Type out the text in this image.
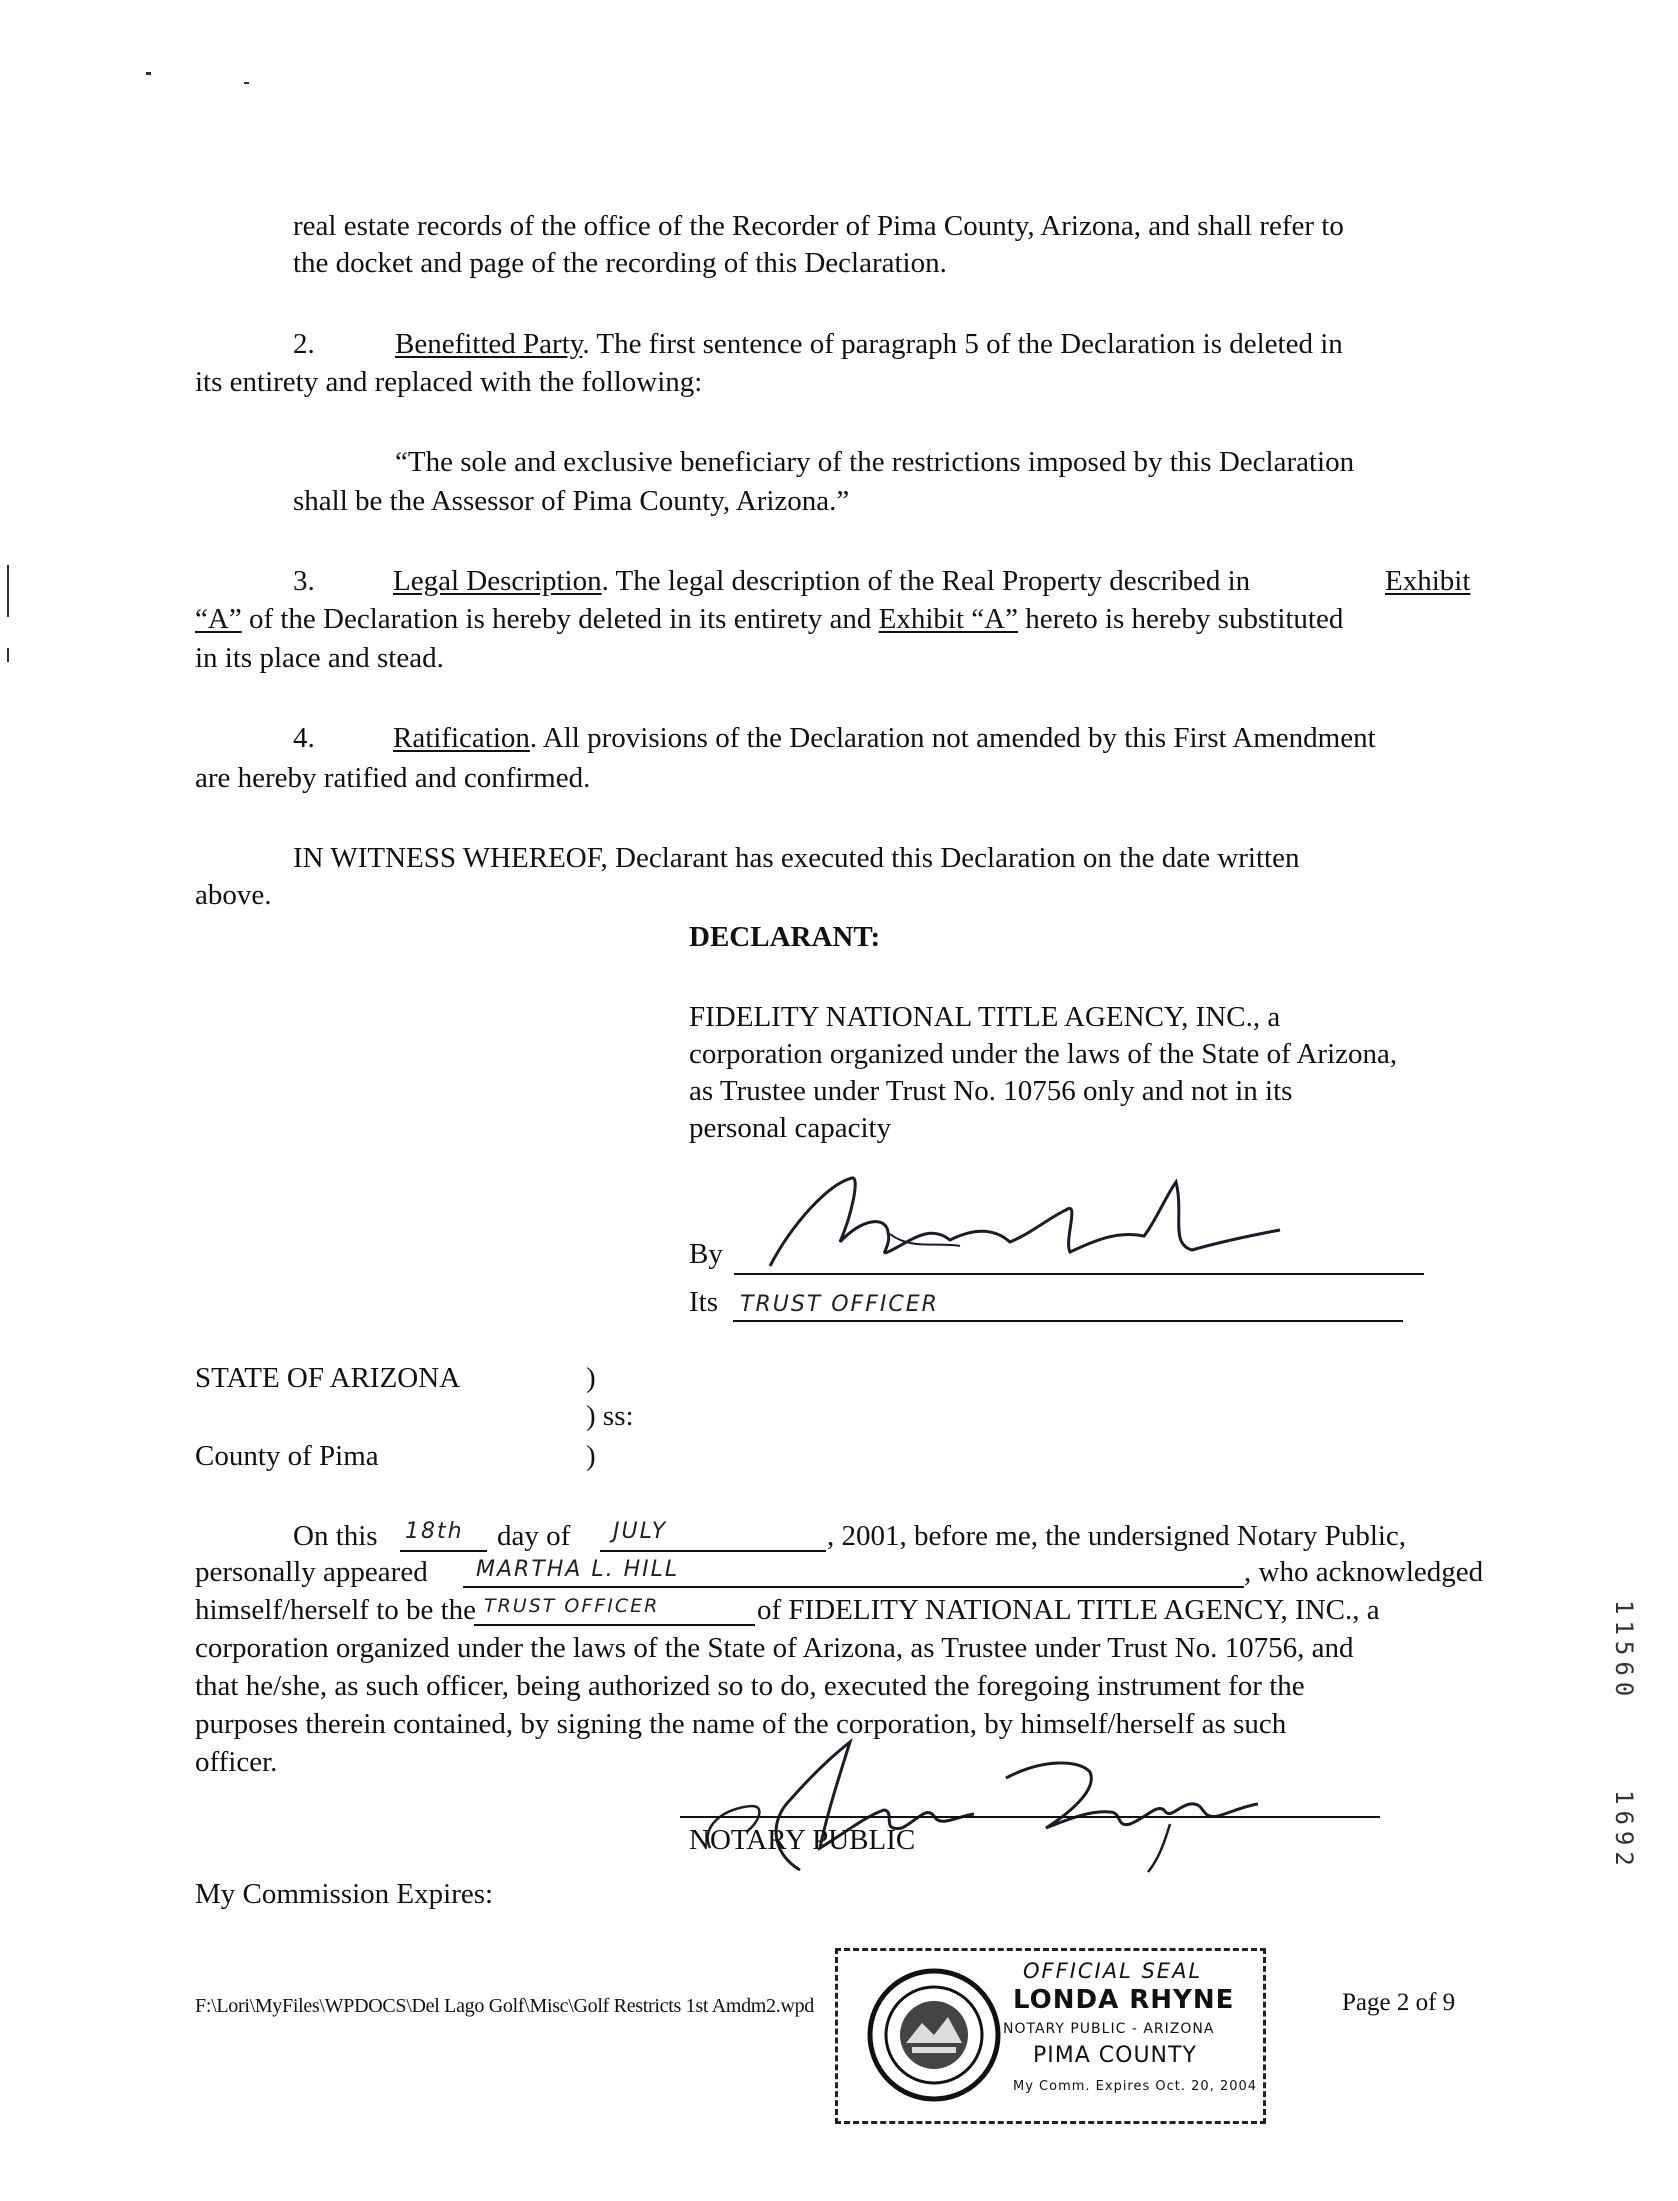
real estate records of the office of the Recorder of Pima County, Arizona, and shall refer to
the docket and page of the recording of this Declaration.
2.	Benefitted Party. The first sentence of paragraph 5 of the Declaration is deleted in
its entirety and replaced with the following:
“The sole and exclusive beneficiary of the restrictions imposed by this Declaration
shall be the Assessor of Pima County, Arizona.”
3.	Legal Description. The legal description of the Real Property described in	Exhibit
“A” of the Declaration is hereby deleted in its entirety and Exhibit “A” hereto is hereby substituted
in its place and stead.
4.	Ratification. All provisions of the Declaration not amended by this First Amendment
are hereby ratified and confirmed.
IN WITNESS WHEREOF, Declarant has executed this Declaration on the date written
above.
DECLARANT:
FIDELITY NATIONAL TITLE AGENCY, INC., a
corporation organized under the laws of the State of Arizona,
as Trustee under Trust No. 10756 only and not in its
personal capacity
By
Its TRUST OFFICER
STATE OF ARIZONA	)
) ss:
County of Pima	)
On this 18th day of JULY	, 2001, before me, the undersigned Notary Public,
personally appeared MARTHA L. HILL	, who acknowledged
himself/herself to be the TRUST OFFICER	of FIDELITY NATIONAL TITLE AGENCY, INC., a
corporation organized under the laws of the State of Arizona, as Trustee under Trust No. 10756, and
that he/she, as such officer, being authorized so to do, executed the foregoing instrument for the
purposes therein contained, by signing the name of the corporation, by himself/herself as such
officer.
NOTARY PUBLIC
My Commission Expires:
F:\Lori\MyFiles\WPDOCS\Del Lago Golf\Misc\Golf Restricts 1st Amdm2.wpd	Page 2 of 9
OFFICIAL SEAL
LONDA RHYNE
NOTARY PUBLIC - ARIZONA
PIMA COUNTY
My Comm. Expires Oct. 20, 2004
11560
1692
